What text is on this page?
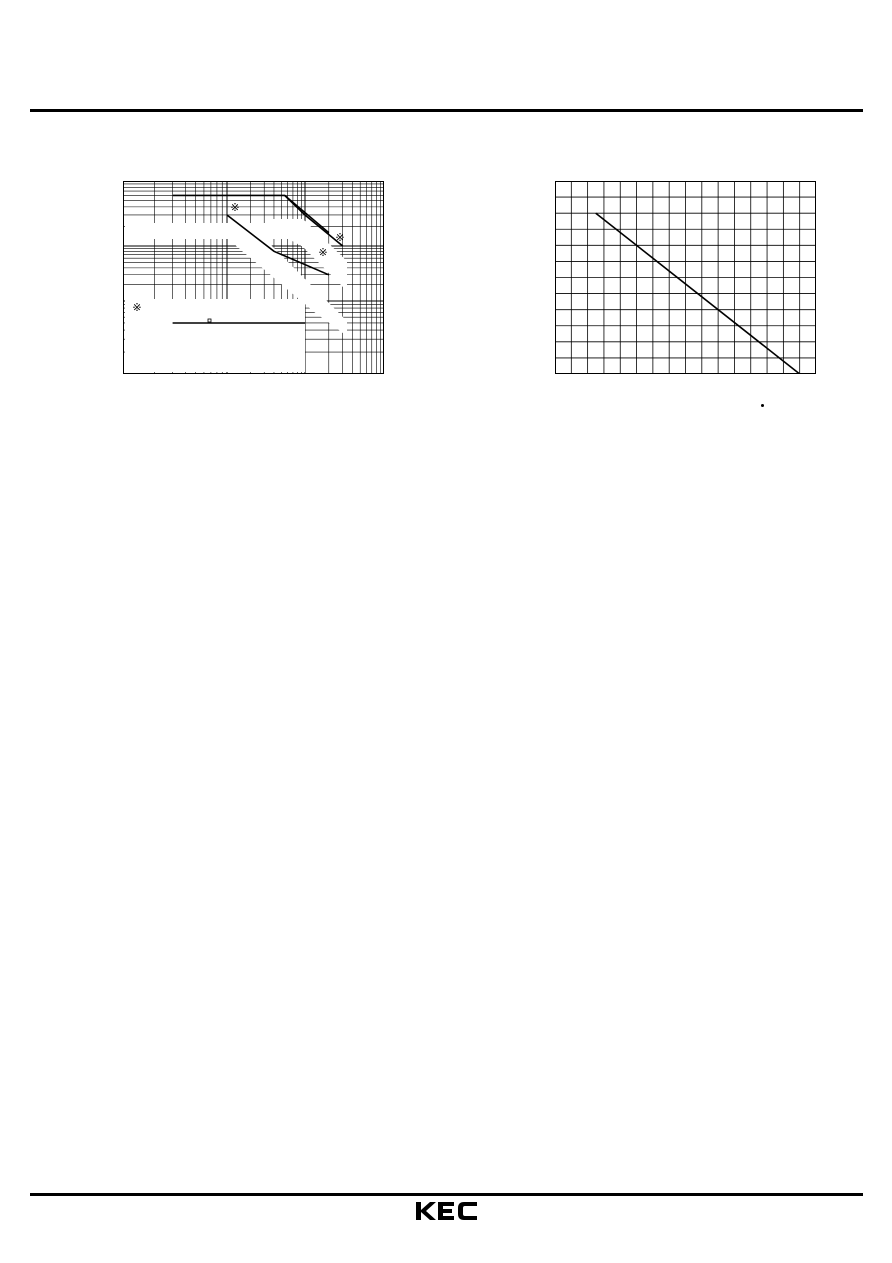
※
※
※
※
